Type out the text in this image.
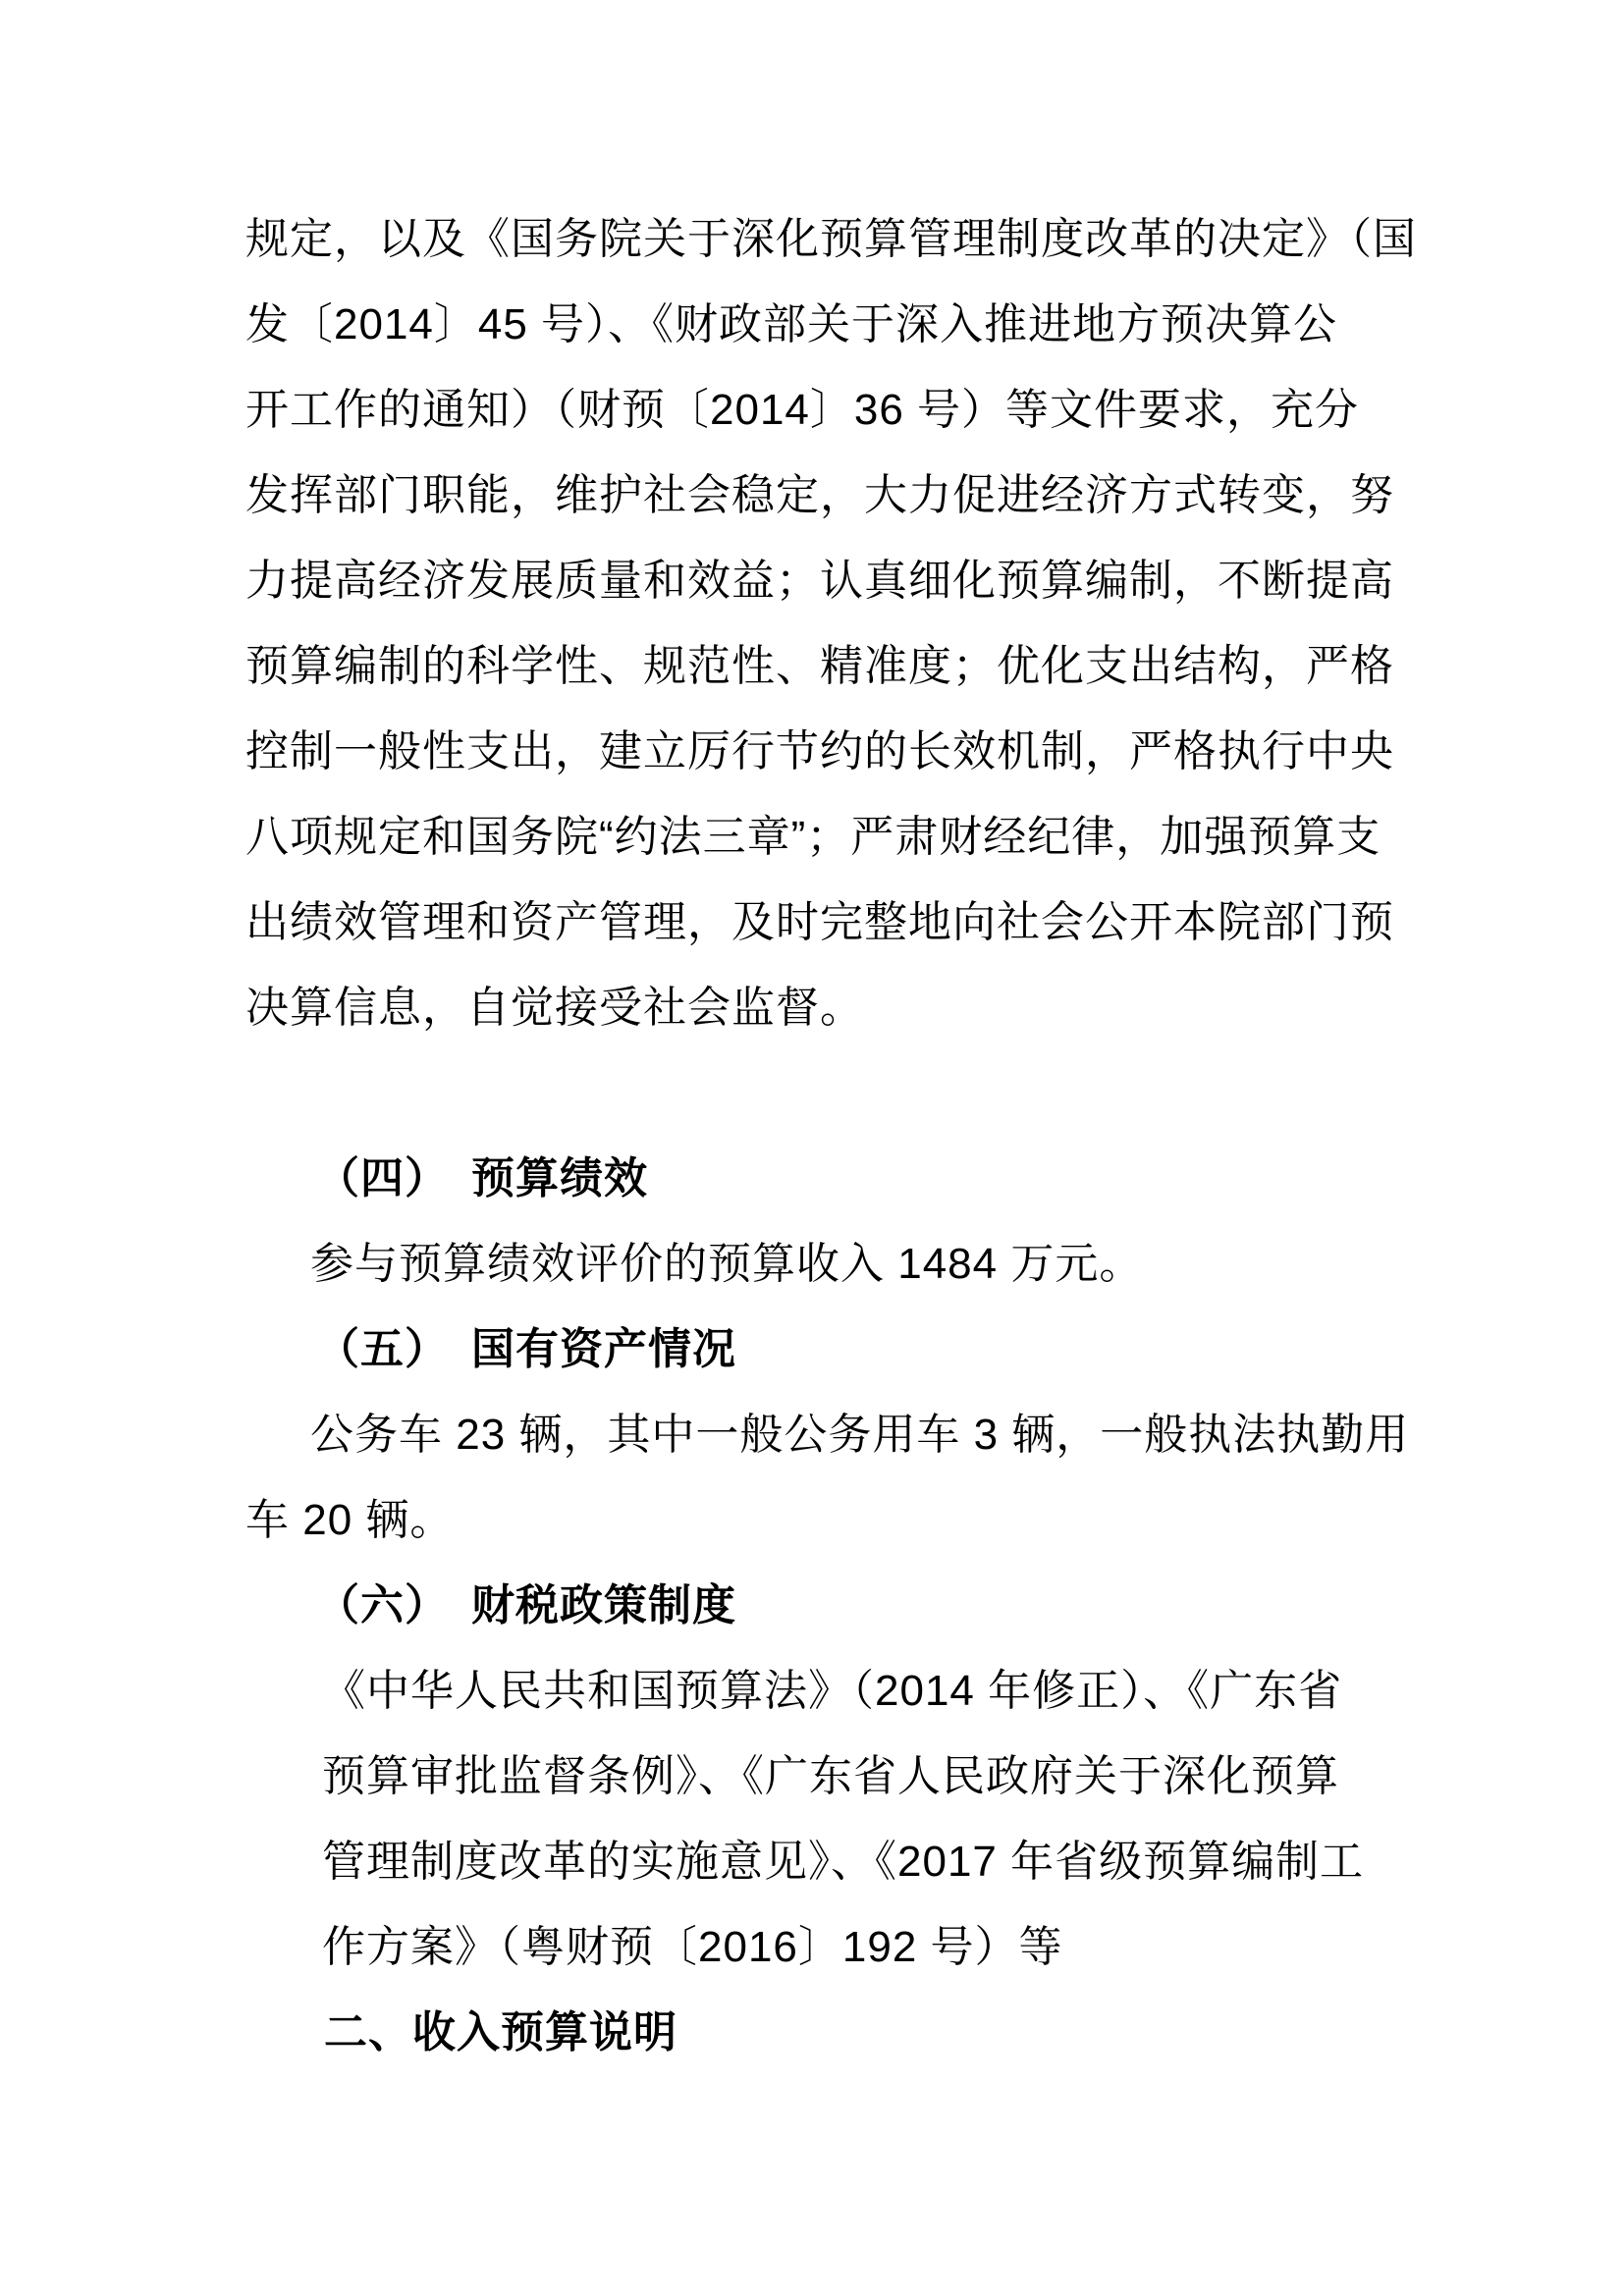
规定，以及《国务院关于深化预算管理制度改革的决定》（国
发〔2014〕45 号）、《财政部关于深入推进地方预决算公
开工作的通知）（财预〔2014〕36 号）等文件要求，充分
发挥部门职能，维护社会稳定，大力促进经济方式转变，努
力提高经济发展质量和效益；认真细化预算编制，不断提高
预算编制的科学性、规范性、精准度；优化支出结构，严格
控制一般性支出，建立厉行节约的长效机制，严格执行中央
八项规定和国务院“约法三章”；严肃财经纪律，加强预算支
出绩效管理和资产管理，及时完整地向社会公开本院部门预
决算信息，自觉接受社会监督。
（四）　预算绩效
参与预算绩效评价的预算收入 1484 万元。
（五）　国有资产情况
公务车 23 辆，其中一般公务用车 3 辆，一般执法执勤用
车 20 辆。
（六）　财税政策制度
《中华人民共和国预算法》（2014 年修正）、《广东省
预算审批监督条例》、《广东省人民政府关于深化预算
管理制度改革的实施意见》、《2017 年省级预算编制工
作方案》（粤财预〔2016〕192 号）等
二、收入预算说明
